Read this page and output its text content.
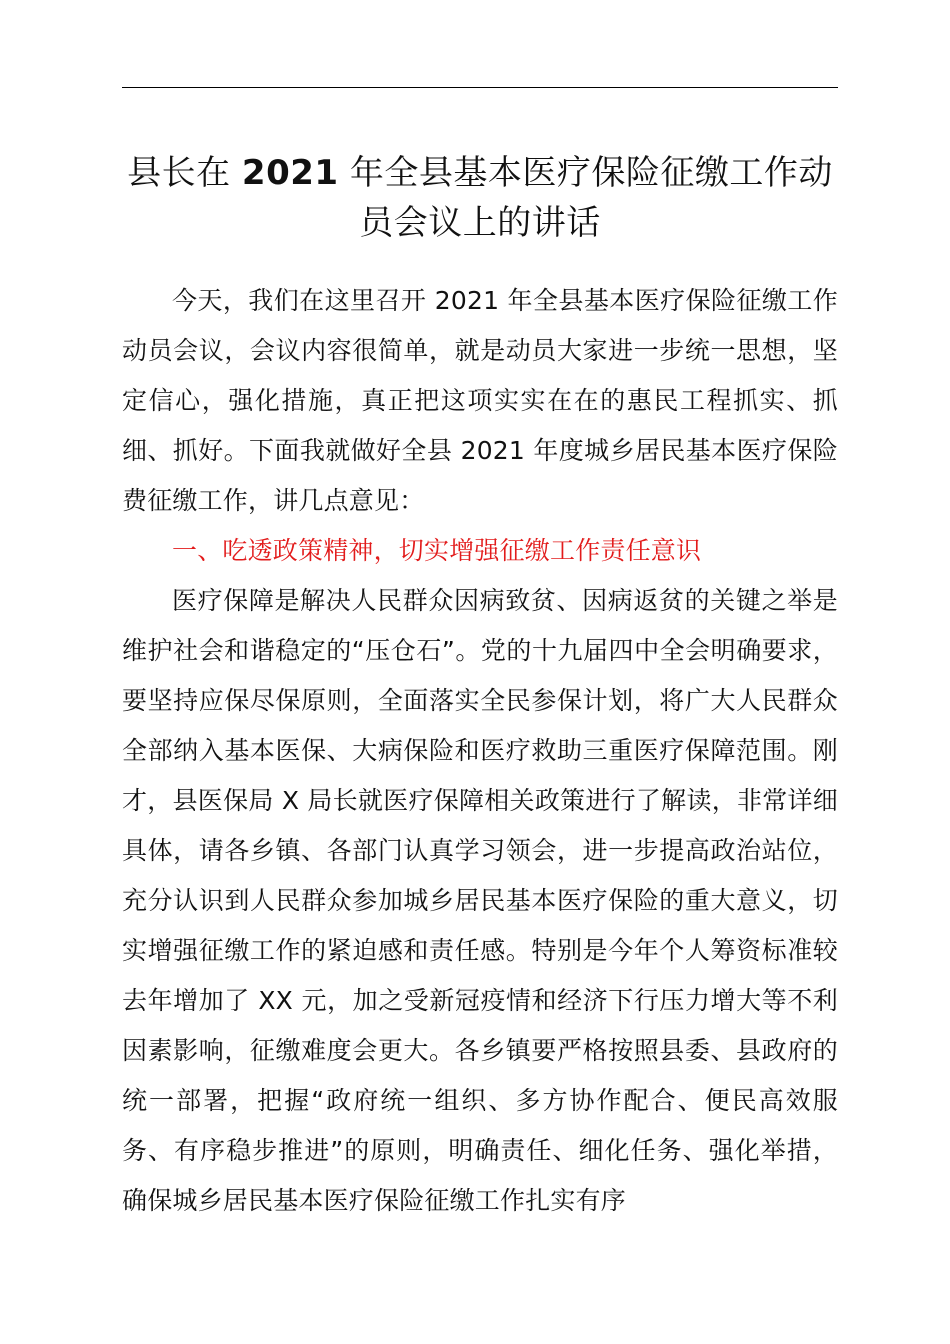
县长在 2021 年全县基本医疗保险征缴工作动员会议上的讲话

今天，我们在这里召开 2021 年全县基本医疗保险征缴工作动员会议，会议内容很简单，就是动员大家进一步统一思想，坚定信心，强化措施，真正把这项实实在在的惠民工程抓实、抓细、抓好。下面我就做好全县 2021 年度城乡居民基本医疗保险费征缴工作，讲几点意见：

一、吃透政策精神，切实增强征缴工作责任意识

医疗保障是解决人民群众因病致贫、因病返贫的关键之举是维护社会和谐稳定的“压仓石”。党的十九届四中全会明确要求，要坚持应保尽保原则，全面落实全民参保计划，将广大人民群众全部纳入基本医保、大病保险和医疗救助三重医疗保障范围。刚才，县医保局 X 局长就医疗保障相关政策进行了解读，非常详细具体，请各乡镇、各部门认真学习领会，进一步提高政治站位，充分认识到人民群众参加城乡居民基本医疗保险的重大意义，切实增强征缴工作的紧迫感和责任感。特别是今年个人筹资标准较去年增加了 XX 元，加之受新冠疫情和经济下行压力增大等不利因素影响，征缴难度会更大。各乡镇要严格按照县委、县政府的统一部署，把握“政府统一组织、多方协作配合、便民高效服务、有序稳步推进”的原则，明确责任、细化任务、强化举措，确保城乡居民基本医疗保险征缴工作扎实有序
